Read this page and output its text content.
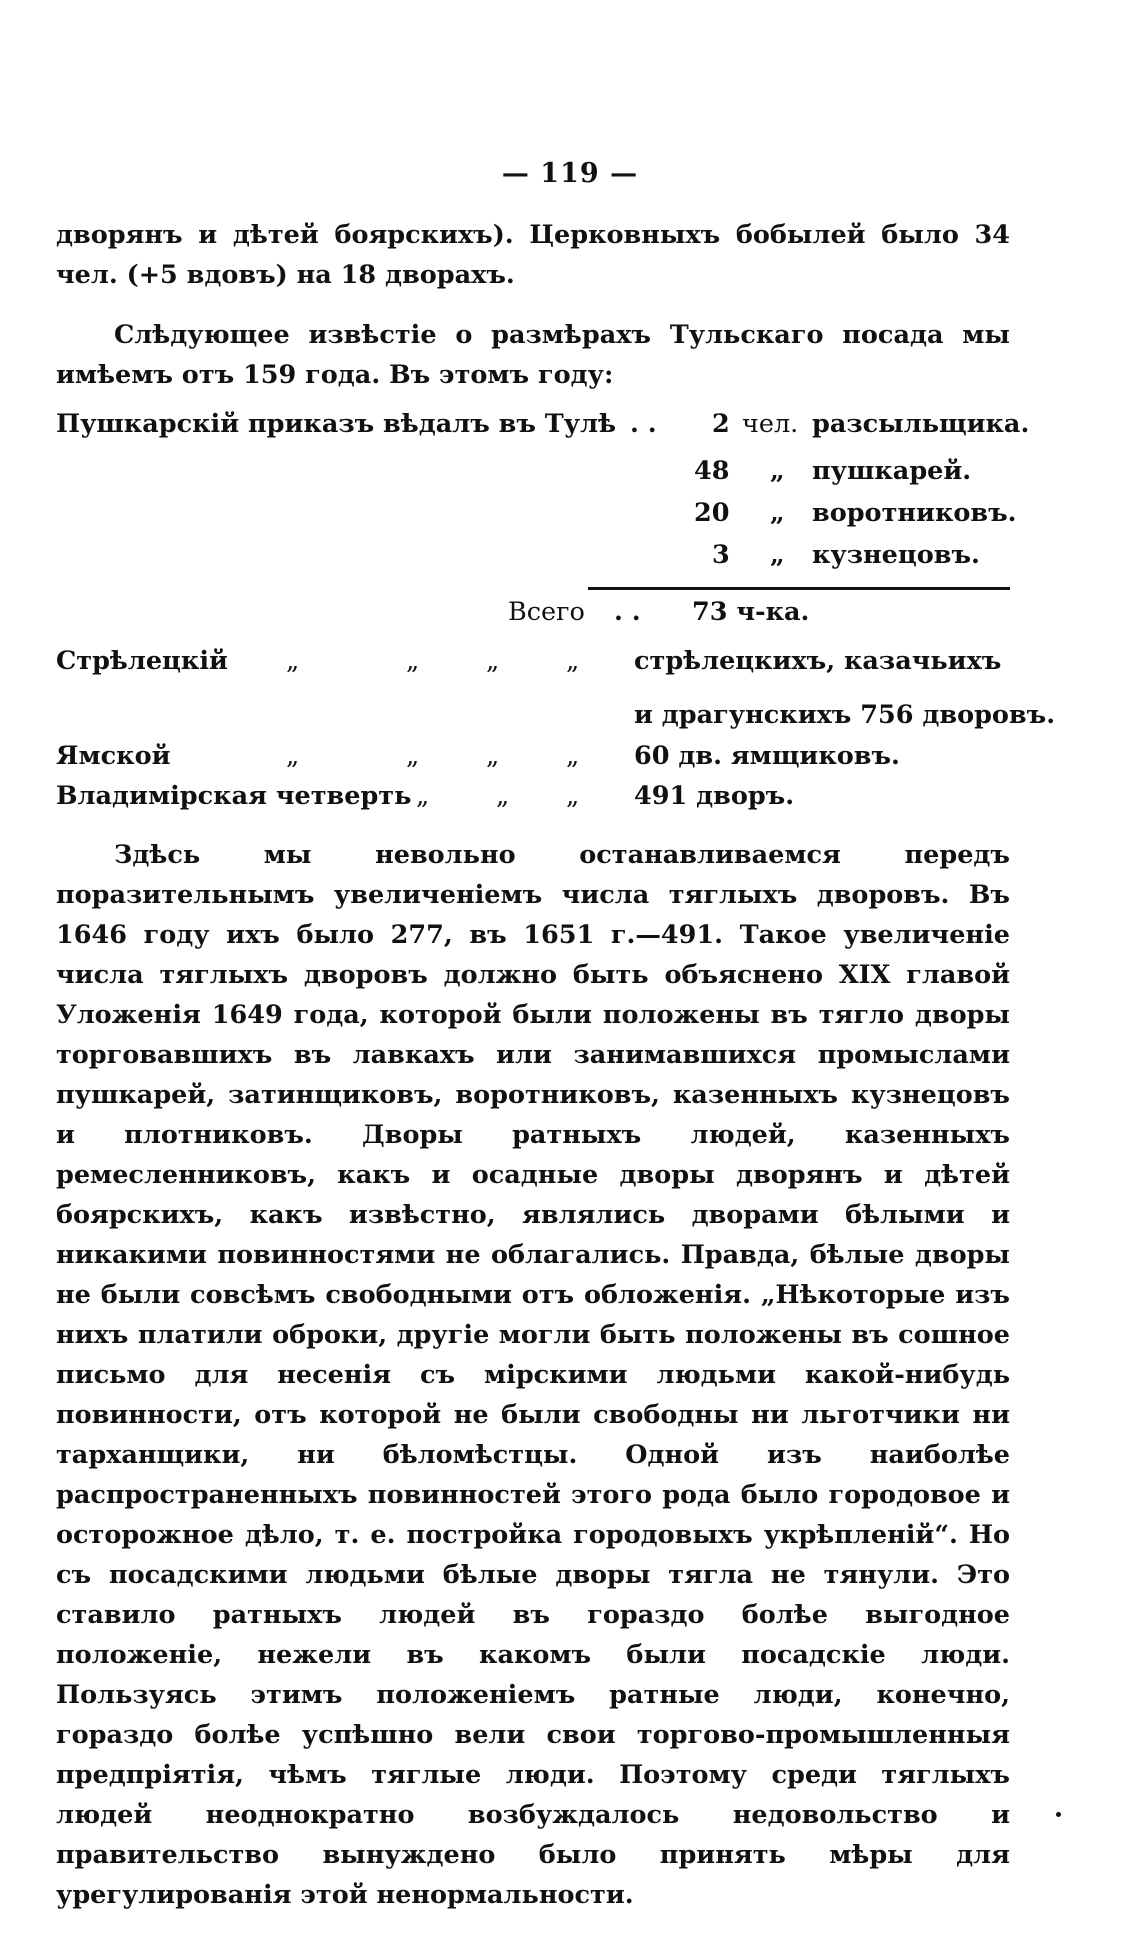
— 119 —

дворянъ и дѣтей боярскихъ). Церковныхъ бобылей было 34 чел. (+5 вдовъ) на 18 дворахъ.

Слѣдующее извѣстіе о размѣрахъ Тульскаго посада мы имѣемъ отъ 159 года. Въ этомъ году:

Пушкарскій приказъ вѣдалъ въ Тулѣ . . 2 чел. разсыльщика.
48 „ пушкарей.
20 „ воротниковъ.
3 „ кузнецовъ.
Всего . . 73 ч-ка.
Стрѣлецкій „	„	„	„ стрѣлецкихъ, казачьихъ
и драгунскихъ 756 дворовъ.
Ямской	„	„	„	„ 60 дв. ямщиковъ.
Владимірская четверть „	„ „ 491 дворъ.

Здѣсь мы невольно останавливаемся передъ поразительнымъ увеличеніемъ числа тяглыхъ дворовъ. Въ 1646 году ихъ было 277, въ 1651 г.—491. Такое увеличеніе числа тяглыхъ дворовъ должно быть объяснено XIX главой Уложенія 1649 года, которой были положены въ тягло дворы торговавшихъ въ лавкахъ или занимавшихся промыслами пушкарей, затинщиковъ, воротниковъ, казенныхъ кузнецовъ и плотниковъ. Дворы ратныхъ людей, казенныхъ ремесленниковъ, какъ и осадные дворы дворянъ и дѣтей боярскихъ, какъ извѣстно, являлись дворами бѣлыми и никакими повинностями не облагались. Правда, бѣлые дворы не были совсѣмъ свободными отъ обложенія. „Нѣкоторые изъ нихъ платили оброки, другіе могли быть положены въ сошное письмо для несенія съ мірскими людьми какой-нибудь повинности, отъ которой не были свободны ни льготчики ни тарханщики, ни бѣломѣстцы. Одной изъ наиболѣе распространенныхъ повинностей этого рода было городовое и осторожное дѣло, т. е. постройка городовыхъ укрѣпленій“. Но съ посадскими людьми бѣлые дворы тягла не тянули. Это ставило ратныхъ людей въ гораздо болѣе выгодное положеніе, нежели въ какомъ были посадскіе люди. Пользуясь этимъ положеніемъ ратные люди, конечно, гораздо болѣе успѣшно вели свои торгово-промышленныя предпріятія, чѣмъ тяглые люди. Поэтому среди тяглыхъ людей неоднократно возбуждалось недовольство и правительство вынуждено было принять мѣры для урегулированія этой ненормальности.
